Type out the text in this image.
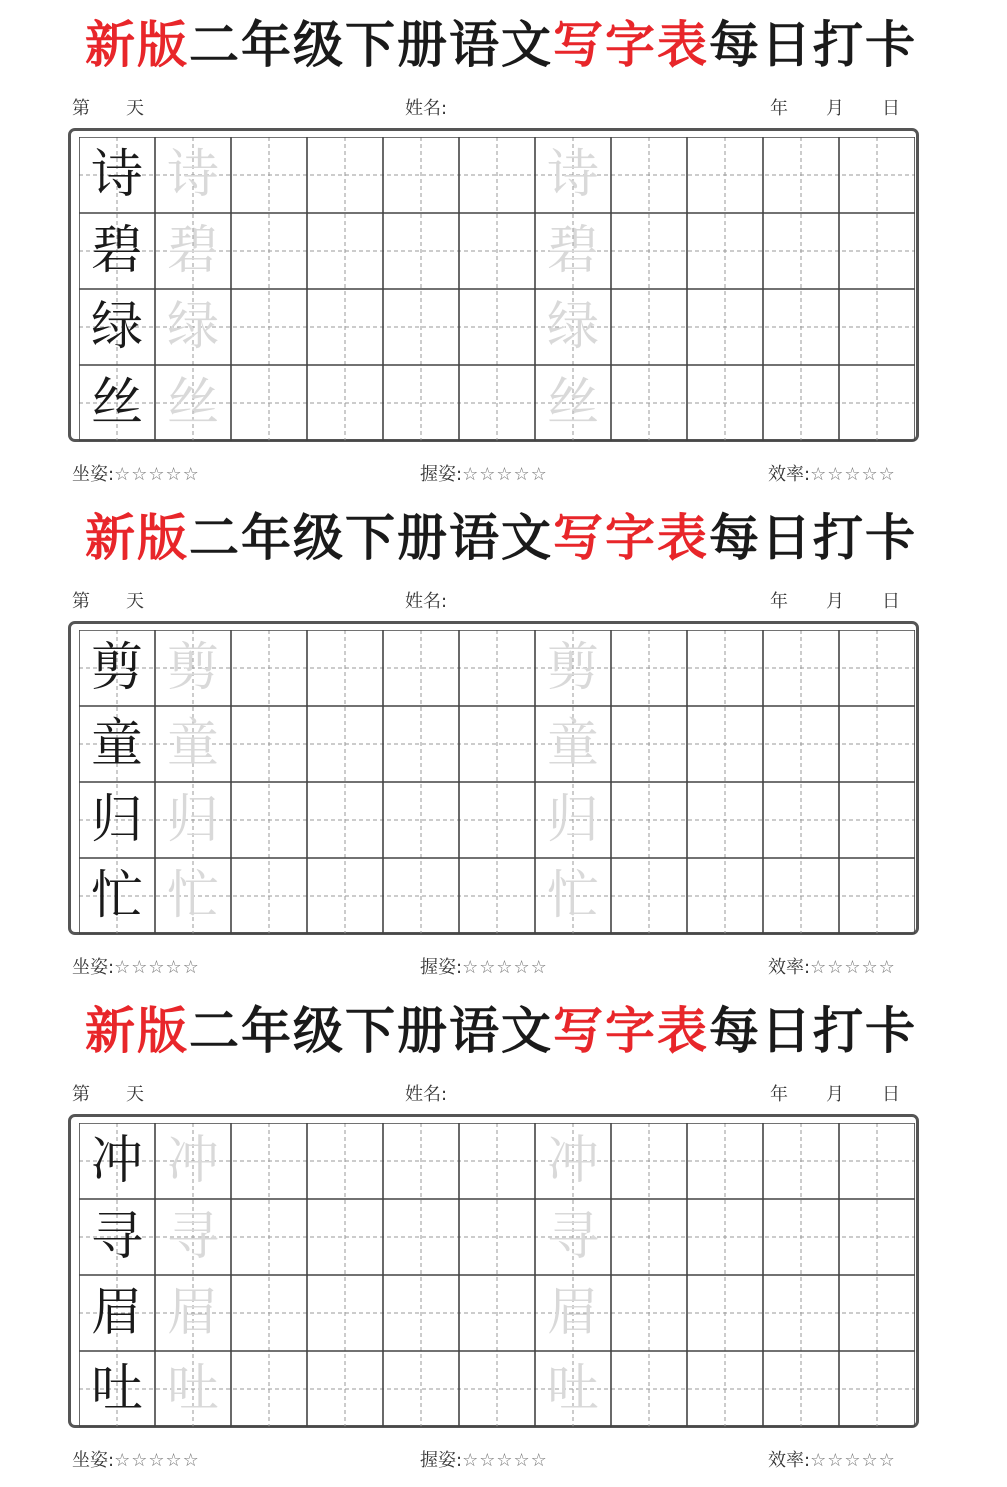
新版二年级下册语文写字表每日打卡
第 天	姓名:	年 月 日
诗 诗	诗
碧 碧	碧
绿 绿	绿
丝 丝	丝
坐姿:☆☆☆☆☆	握姿:☆☆☆☆☆	效率:☆☆☆☆☆
新版二年级下册语文写字表每日打卡
第 天	姓名:	年 月 日
剪 剪	剪
童 童	童
归 归	归
忙 忙	忙
坐姿:☆☆☆☆☆	握姿:☆☆☆☆☆	效率:☆☆☆☆☆
新版二年级下册语文写字表每日打卡
第 天	姓名:	年 月 日
冲 冲	冲
寻 寻	寻
眉 眉	眉
吐 吐	吐
坐姿:☆☆☆☆☆	握姿:☆☆☆☆☆	效率:☆☆☆☆☆
